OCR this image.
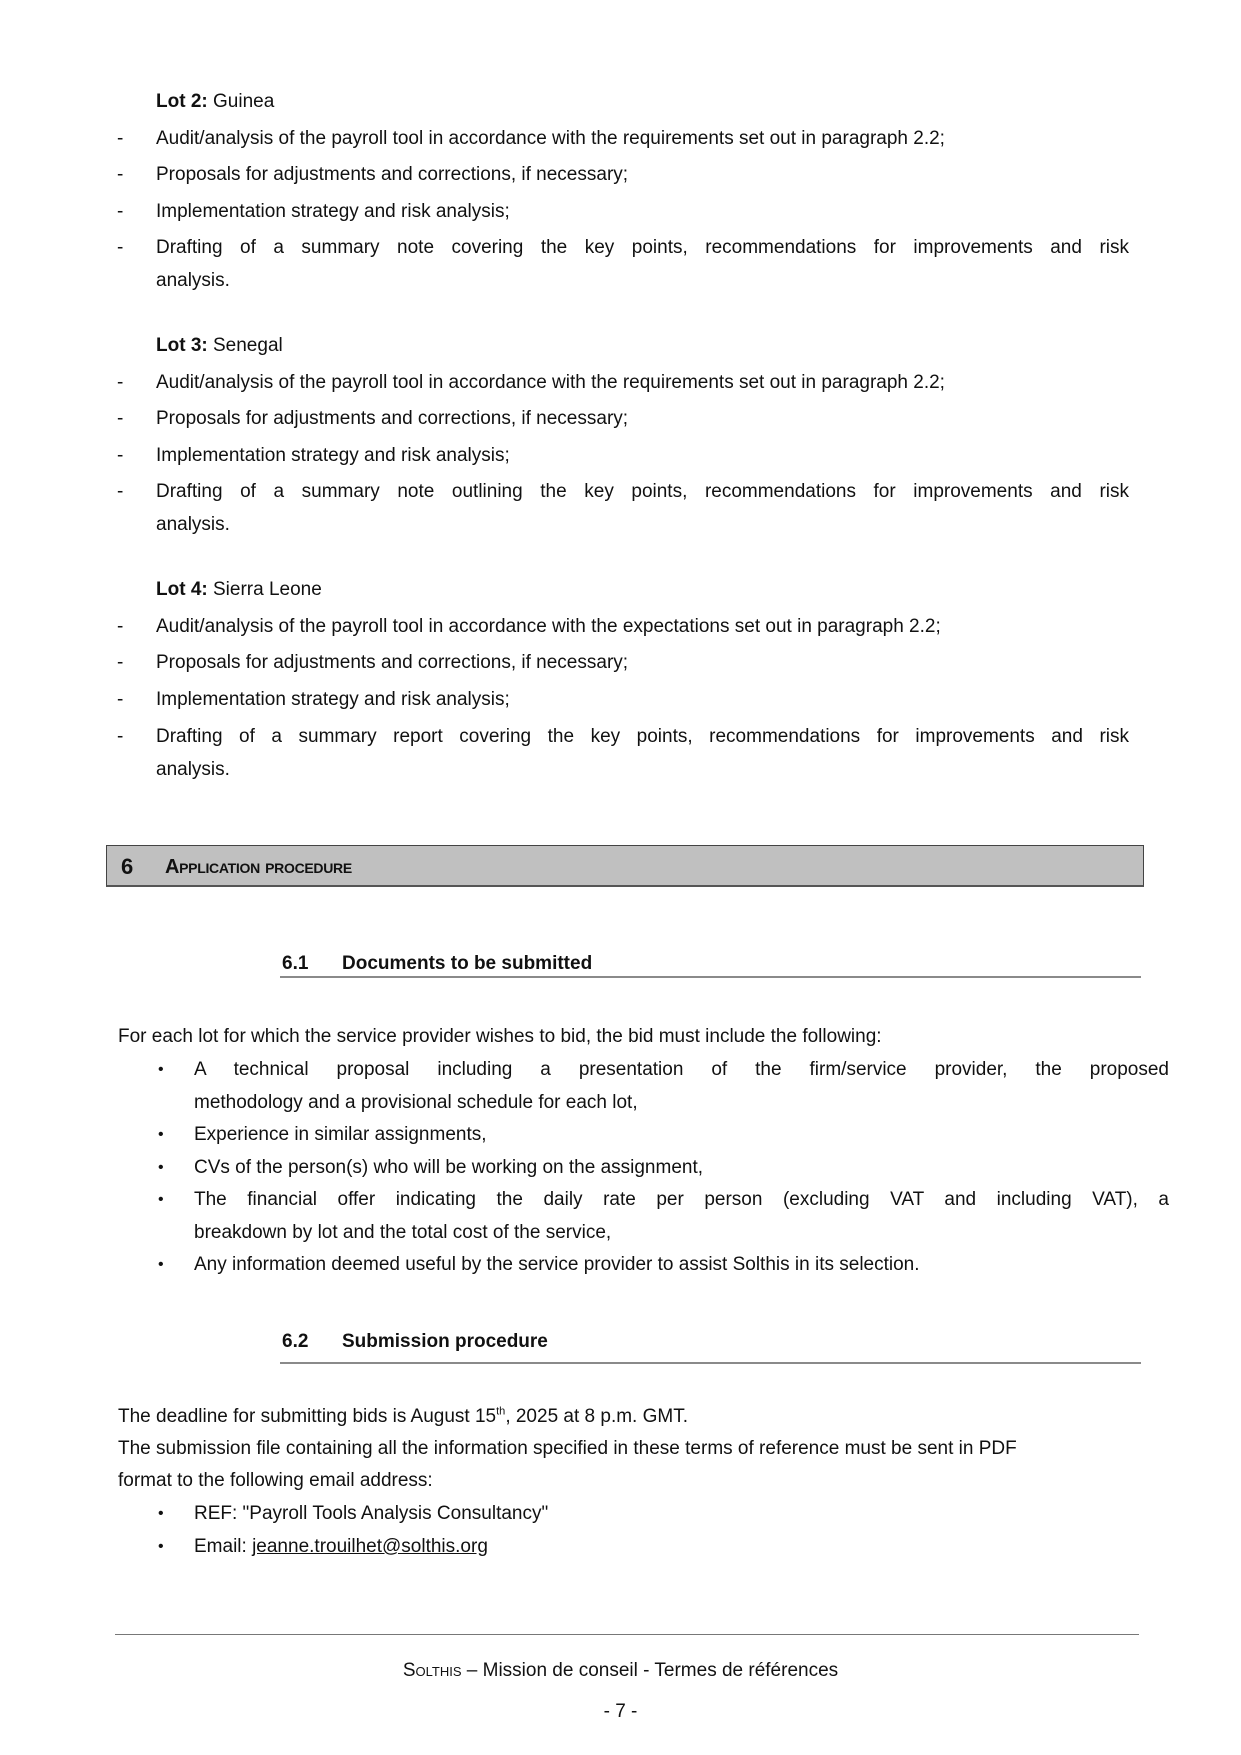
Lot 2: Guinea
- Audit/analysis of the payroll tool in accordance with the requirements set out in paragraph 2.2;
- Proposals for adjustments and corrections, if necessary;
- Implementation strategy and risk analysis;
- Drafting of a summary note covering the key points, recommendations for improvements and risk
analysis.
Lot 3: Senegal
- Audit/analysis of the payroll tool in accordance with the requirements set out in paragraph 2.2;
- Proposals for adjustments and corrections, if necessary;
- Implementation strategy and risk analysis;
- Drafting of a summary note outlining the key points, recommendations for improvements and risk
analysis.
Lot 4: Sierra Leone
- Audit/analysis of the payroll tool in accordance with the expectations set out in paragraph 2.2;
- Proposals for adjustments and corrections, if necessary;
- Implementation strategy and risk analysis;
- Drafting of a summary report covering the key points, recommendations for improvements and risk
analysis.
6 Application procedure
6.1 Documents to be submitted
For each lot for which the service provider wishes to bid, the bid must include the following:
• A technical proposal including a presentation of the firm/service provider, the proposed
methodology and a provisional schedule for each lot,
• Experience in similar assignments,
• CVs of the person(s) who will be working on the assignment,
• The financial offer indicating the daily rate per person (excluding VAT and including VAT), a
breakdown by lot and the total cost of the service,
• Any information deemed useful by the service provider to assist Solthis in its selection.
6.2 Submission procedure
The deadline for submitting bids is August 15th, 2025 at 8 p.m. GMT.
The submission file containing all the information specified in these terms of reference must be sent in PDF
format to the following email address:
• REF: "Payroll Tools Analysis Consultancy"
• Email: jeanne.trouilhet@solthis.org
Solthis – Mission de conseil - Termes de références
- 7 -
